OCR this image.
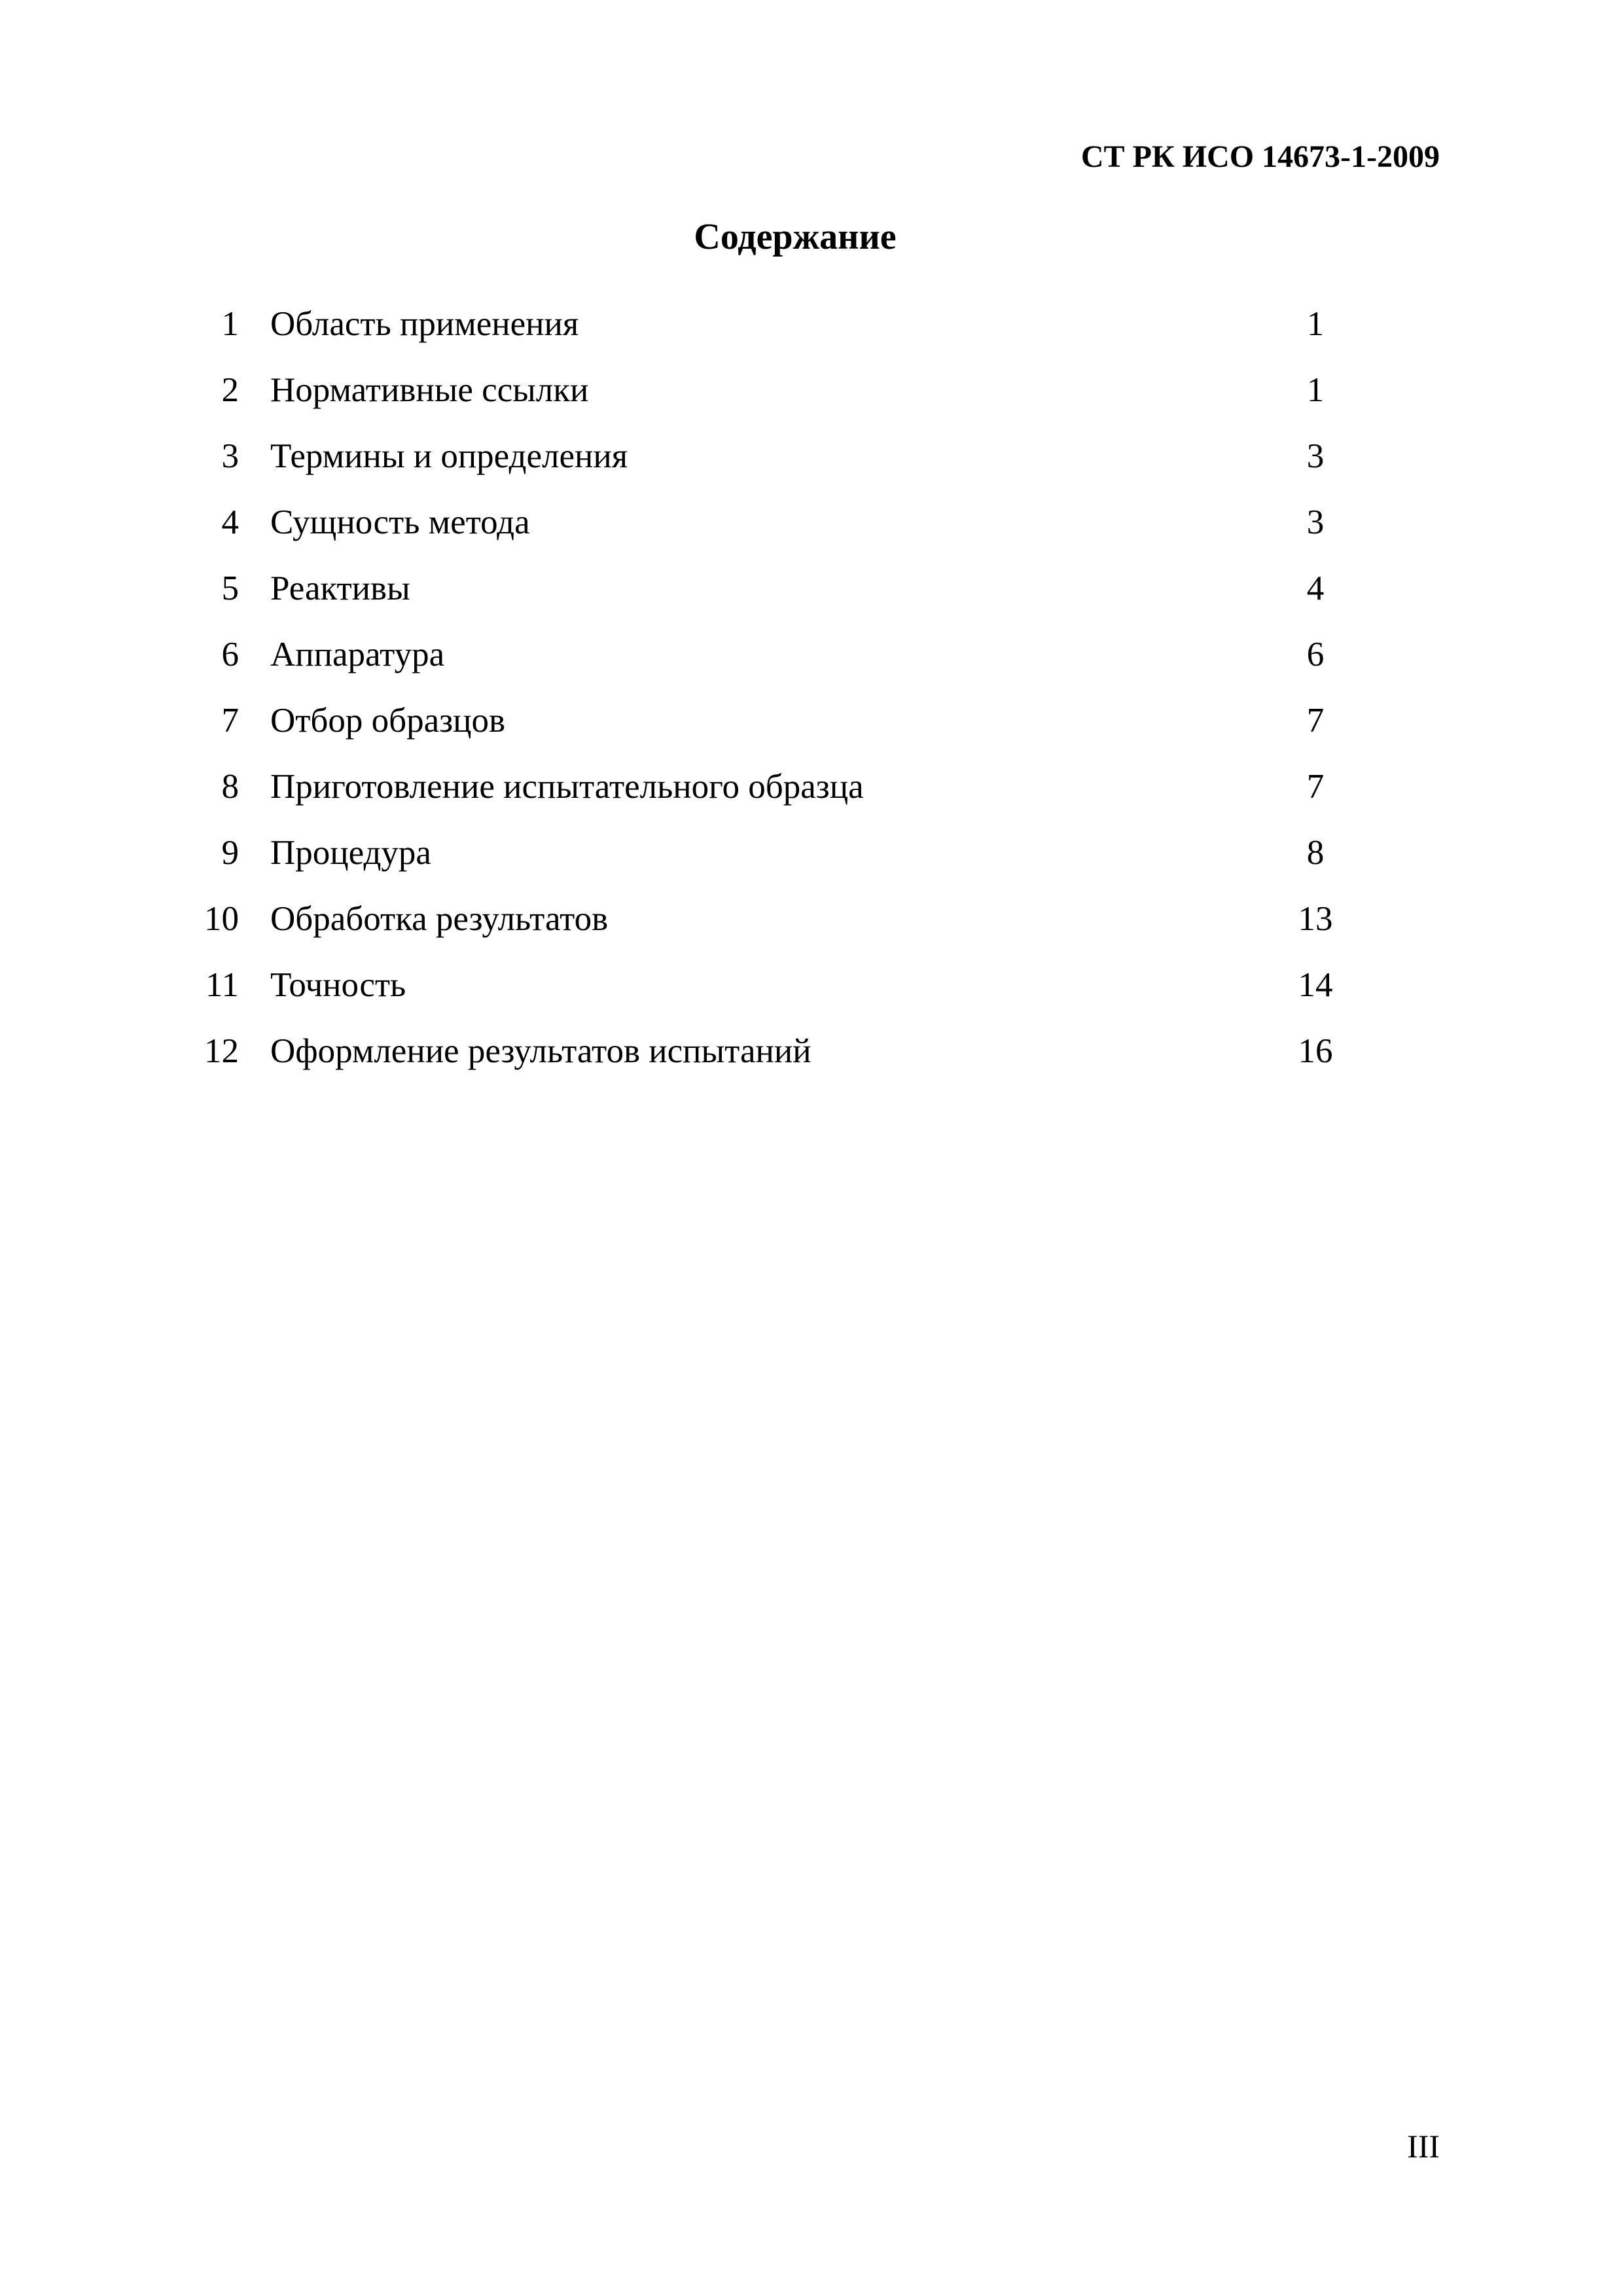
СТ РК ИСО 14673-1-2009
Содержание
1 Область применения	1
2 Нормативные ссылки	1
3 Термины и определения	3
4 Сущность метода	3
5 Реактивы	4
6 Аппаратура	6
7 Отбор образцов	7
8 Приготовление испытательного образца	7
9 Процедура	8
10 Обработка результатов	13
11 Точность	14
12 Оформление результатов испытаний	16
III
